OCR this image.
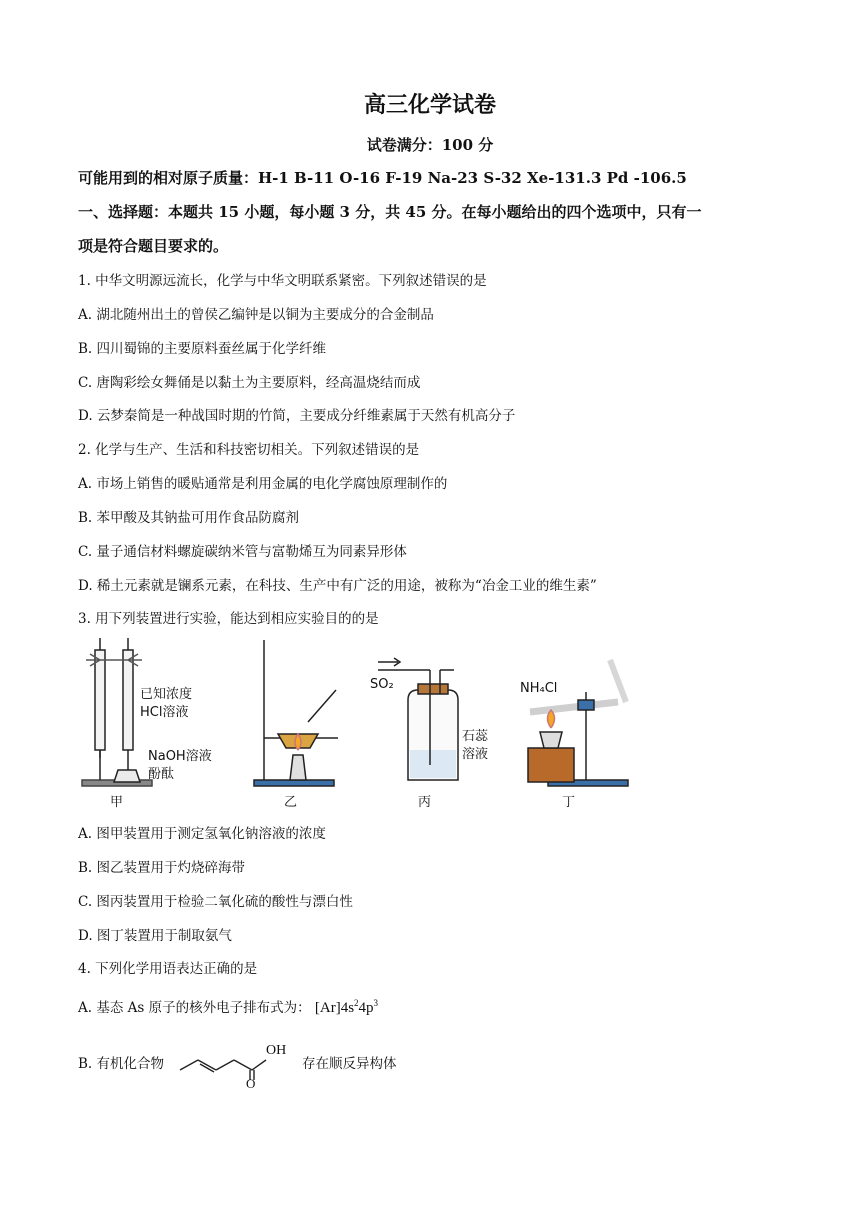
高三化学试卷
试卷满分：100 分
可能用到的相对原子质量：H-1 B-11 O-16 F-19 Na-23 S-32 Xe-131.3 Pd -106.5
一、选择题：本题共 15 小题，每小题 3 分，共 45 分。在每小题给出的四个选项中，只有一
项是符合题目要求的。
1. 中华文明源远流长，化学与中华文明联系紧密。下列叙述错误的是
A. 湖北随州出土的曾侯乙编钟是以铜为主要成分的合金制品
B. 四川蜀锦的主要原料蚕丝属于化学纤维
C. 唐陶彩绘女舞俑是以黏土为主要原料，经高温烧结而成
D. 云梦秦简是一种战国时期的竹简，主要成分纤维素属于天然有机高分子
2. 化学与生产、生活和科技密切相关。下列叙述错误的是
A. 市场上销售的暖贴通常是利用金属的电化学腐蚀原理制作的
B. 苯甲酸及其钠盐可用作食品防腐剂
C. 量子通信材料螺旋碳纳米管与富勒烯互为同素异形体
D. 稀土元素就是镧系元素，在科技、生产中有广泛的用途，被称为“冶金工业的维生素”
3. 用下列装置进行实验，能达到相应实验目的的是
已知浓度
HCl溶液
NaOH溶液
酚酞
甲	乙
SO₂
石蕊
溶液
丙
NH₄Cl
丁
A. 图甲装置用于测定氢氧化钠溶液的浓度
B. 图乙装置用于灼烧碎海带
C. 图丙装置用于检验二氧化硫的酸性与漂白性
D. 图丁装置用于制取氨气
4. 下列化学用语表达正确的是
A. 基态 As 原子的核外电子排布式为： $[Ar]4s^24p^3$
B. 有机化合物
OH
O
存在顺反异构体
